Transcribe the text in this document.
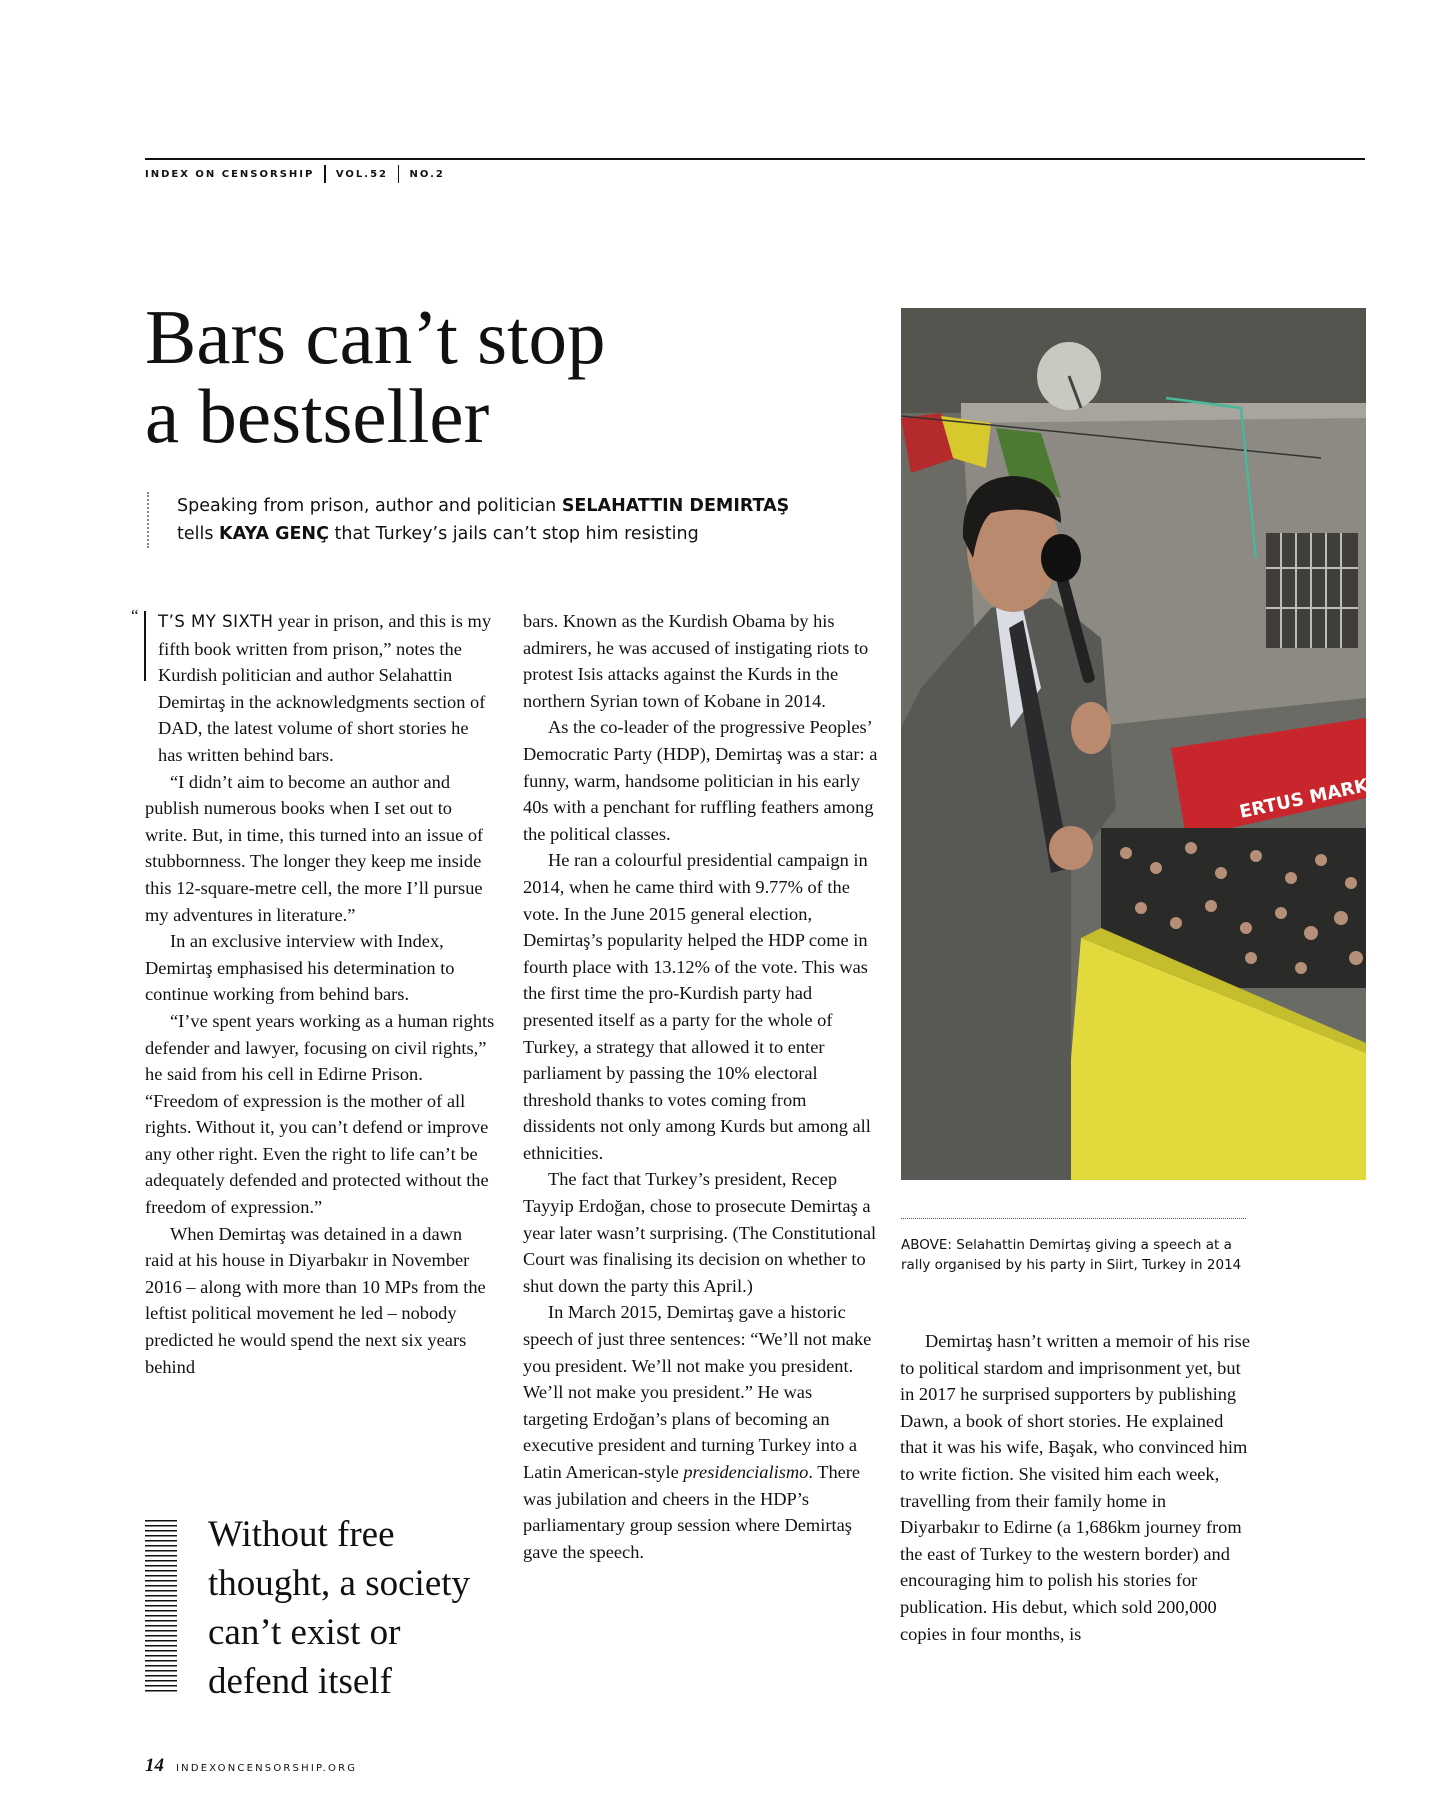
INDEX ON CENSORSHIP VOL.52 NO.2
Bars can’t stop
a bestseller
Speaking from prison, author and politician SELAHATTIN DEMIRTAŞ
tells KAYA GENÇ that Turkey’s jails can’t stop him resisting
“	T’S MY SIXTH year in prison, and this is my fifth book written from prison,” notes the Kurdish politician and author Selahattin Demirtaş in the acknowledgments section of DAD, the latest volume of short stories he has written behind bars.

“I didn’t aim to become an author and publish numerous books when I set out to write. But, in time, this turned into an issue of stubbornness. The longer they keep me inside this 12-square-metre cell, the more I’ll pursue my adventures in literature.”

In an exclusive interview with Index, Demirtaş emphasised his determination to continue working from behind bars.

“I’ve spent years working as a human rights defender and lawyer, focusing on civil rights,” he said from his cell in Edirne Prison. “Freedom of expression is the mother of all rights. Without it, you can’t defend or improve any other right. Even the right to life can’t be adequately defended and protected without the freedom of expression.”

When Demirtaş was detained in a dawn raid at his house in Diyarbakır in November 2016 – along with more than 10 MPs from the leftist political movement he led – nobody predicted he would spend the next six years behind

bars. Known as the Kurdish Obama by his admirers, he was accused of instigating riots to protest Isis attacks against the Kurds in the northern Syrian town of Kobane in 2014.

As the co-leader of the progressive Peoples’ Democratic Party (HDP), Demirtaş was a star: a funny, warm, handsome politician in his early 40s with a penchant for ruffling feathers among the political classes.

He ran a colourful presidential campaign in 2014, when he came third with 9.77% of the vote. In the June 2015 general election, Demirtaş’s popularity helped the HDP come in fourth place with 13.12% of the vote. This was the first time the pro-Kurdish party had presented itself as a party for the whole of Turkey, a strategy that allowed it to enter parliament by passing the 10% electoral threshold thanks to votes coming from dissidents not only among Kurds but among all ethnicities.

The fact that Turkey’s president, Recep Tayyip Erdoğan, chose to prosecute Demirtaş a year later wasn’t surprising. (The Constitutional Court was finalising its decision on whether to shut down the party this April.)

In March 2015, Demirtaş gave a historic speech of just three sentences: “We’ll not make you president. We’ll not make you president. We’ll not make you president.” He was targeting Erdoğan’s plans of becoming an executive president and turning Turkey into a Latin American-style presidencialismo. There was jubilation and cheers in the HDP’s parliamentary group session where Demirtaş gave the speech.

Demirtaş hasn’t written a memoir of his rise to political stardom and imprisonment yet, but in 2017 he surprised supporters by publishing Dawn, a book of short stories. He explained that it was his wife, Başak, who convinced him to write fiction. She visited him each week, travelling from their family home in Diyarbakır to Edirne (a 1,686km journey from the east of Turkey to the western border) and encouraging him to polish his stories for publication. His debut, which sold 200,000 copies in four months, is

Without free thought, a society can’t exist or defend itself
ERTUS MARKET
ABOVE: Selahattin Demirtaş giving a speech at a rally organised by his party in Siirt, Turkey in 2014
14 INDEXONCENSORSHIP.ORG
